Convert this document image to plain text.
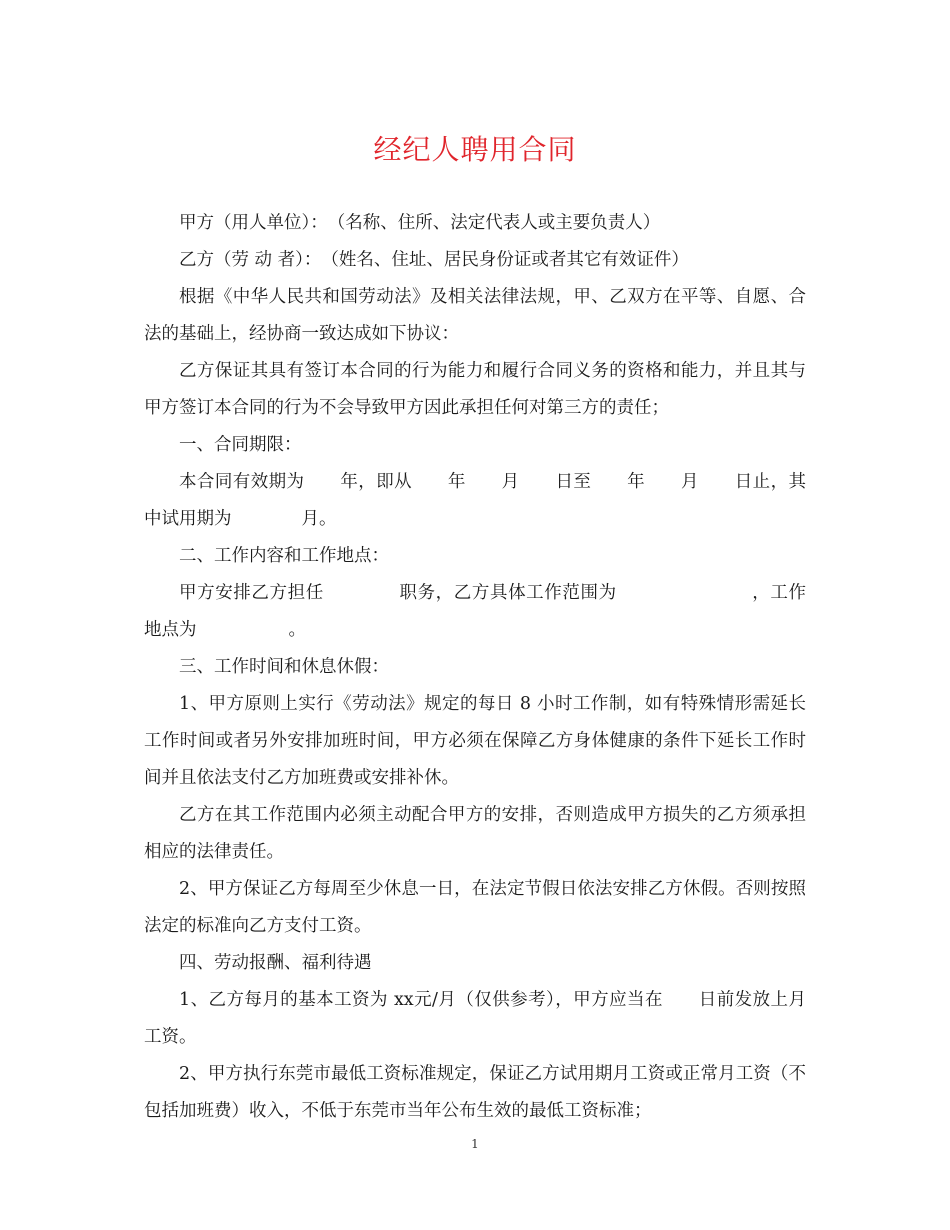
经纪人聘用合同

甲方（用人单位）：　（名称、住所、法定代表人或主要负责人）

乙方（劳 动 者）：　（姓名、住址、居民身份证或者其它有效证件）

根据《中华人民共和国劳动法》及相关法律法规，甲、乙双方在平等、自愿、合法的基础上，经协商一致达成如下协议：

乙方保证其具有签订本合同的行为能力和履行合同义务的资格和能力，并且其与甲方签订本合同的行为不会导致甲方因此承担任何对第三方的责任；

一、合同期限：

本合同有效期为　　年，即从　　年　　月　　日至　　年　　月　　日止，其中试用期为　　　　月。

二、工作内容和工作地点：

甲方安排乙方担任	职务，乙方具体工作范围为	，工作地点为	。

三、工作时间和休息休假：

1、甲方原则上实行《劳动法》规定的每日 8 小时工作制，如有特殊情形需延长工作时间或者另外安排加班时间，甲方必须在保障乙方身体健康的条件下延长工作时间并且依法支付乙方加班费或安排补休。

乙方在其工作范围内必须主动配合甲方的安排，否则造成甲方损失的乙方须承担相应的法律责任。

2、甲方保证乙方每周至少休息一日，在法定节假日依法安排乙方休假。否则按照法定的标准向乙方支付工资。

四、劳动报酬、福利待遇

1、乙方每月的基本工资为 xx元/月（仅供参考），甲方应当在　　日前发放上月工资。

2、甲方执行东莞市最低工资标准规定，保证乙方试用期月工资或正常月工资（不包括加班费）收入，不低于东莞市当年公布生效的最低工资标准；

1
